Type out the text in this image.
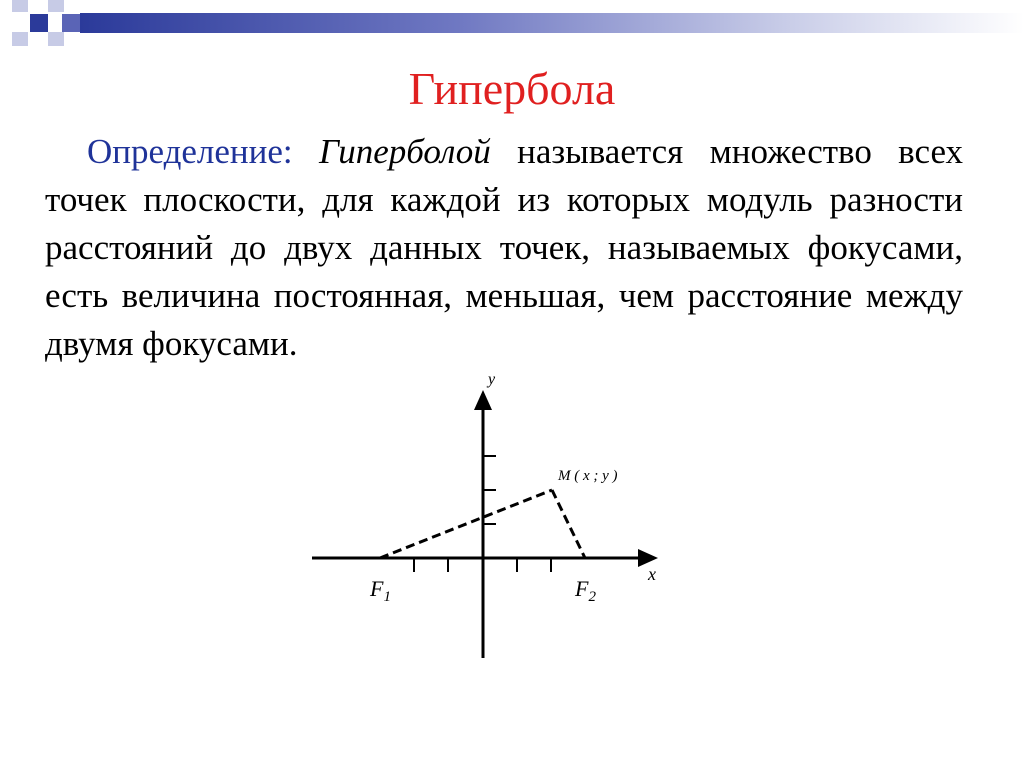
Гипербола

Определение: Гиперболой называется множество всех точек плоскости, для каждой из которых модуль разности расстояний до двух данных точек, называемых фокусами, есть величина постоянная, меньшая, чем расстояние между двумя фокусами.

y
x
M ( x ; y )
$F_1$	$F_2$
